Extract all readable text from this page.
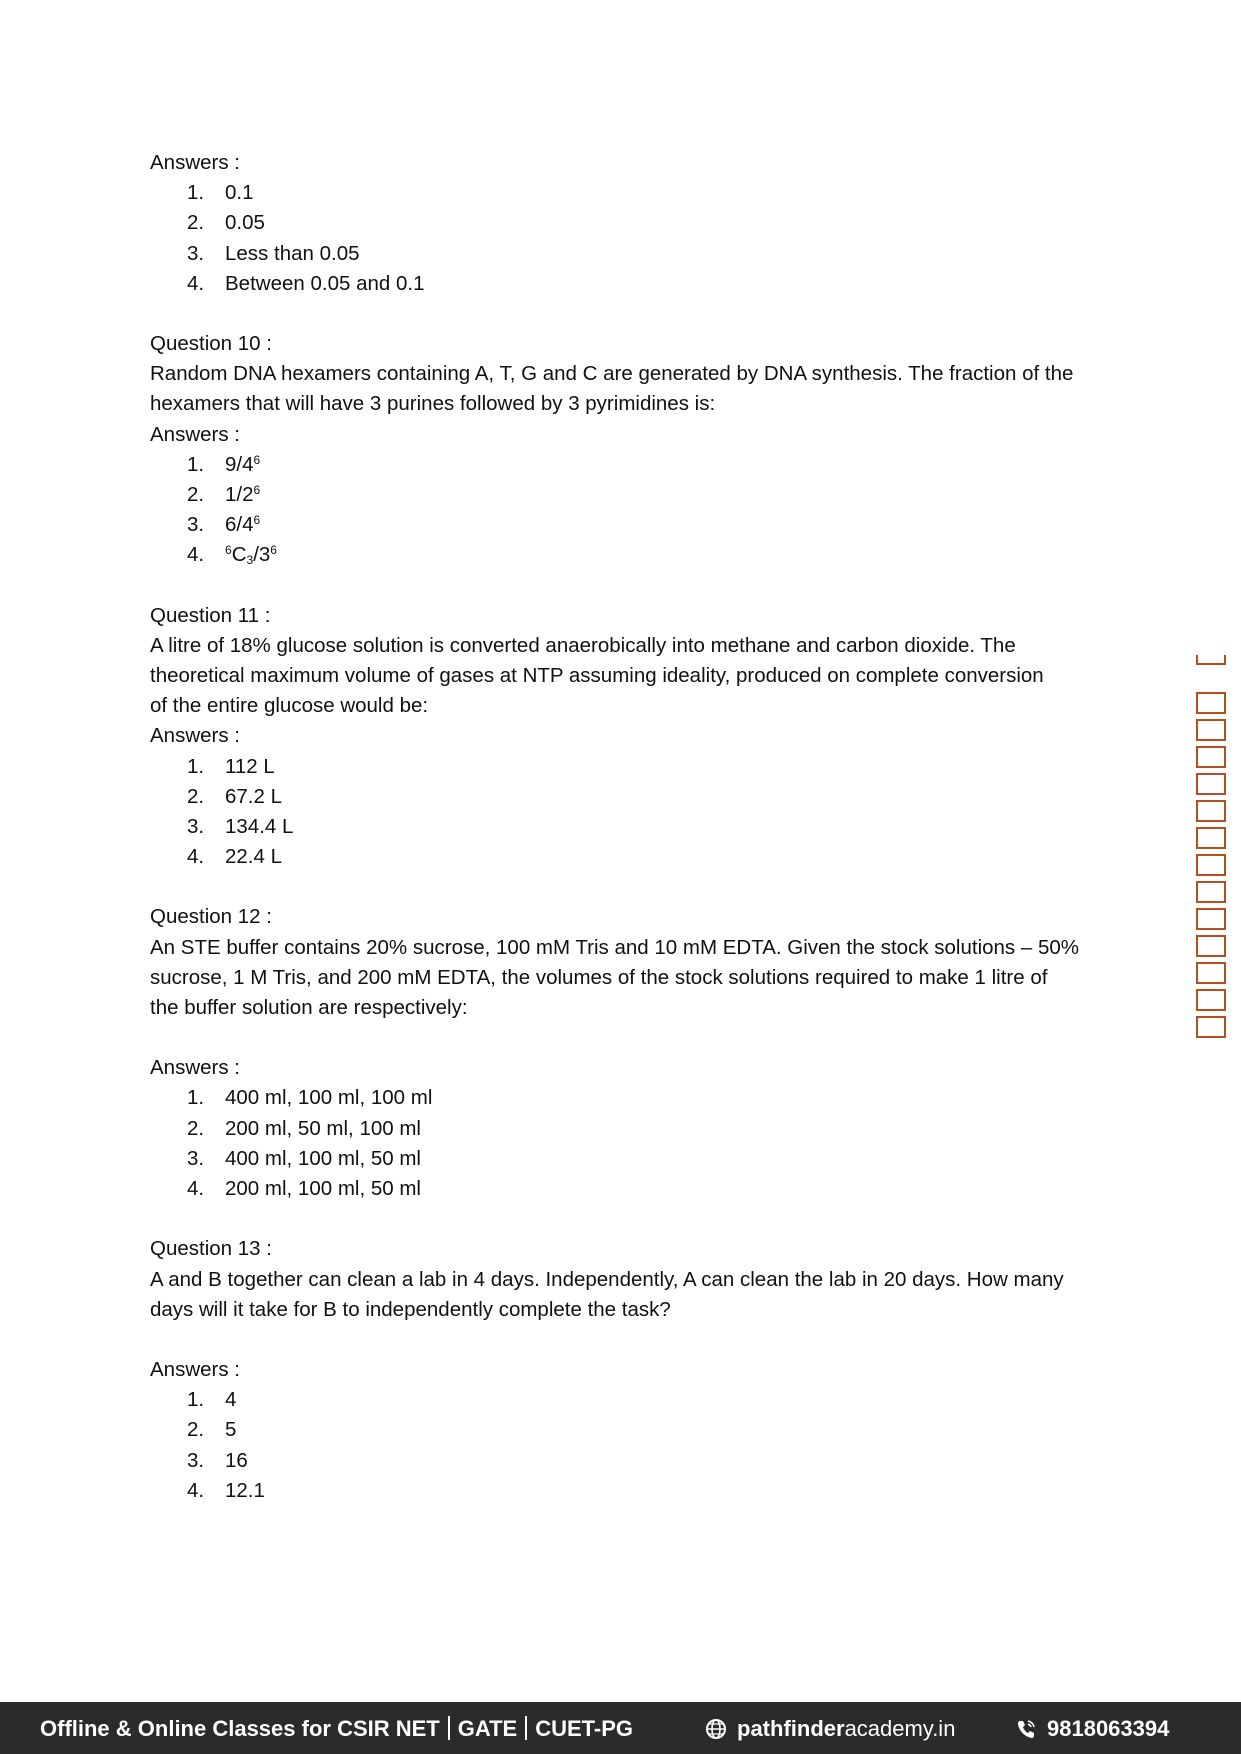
Answers :
1.	0.1
2.	0.05
3.	Less than 0.05
4.	Between 0.05 and 0.1
Question 10 :
Random DNA hexamers containing A, T, G and C are generated by DNA synthesis. The fraction of the
hexamers that will have 3 purines followed by 3 pyrimidines is:
Answers :
1.	$9/4^6$
2.	$1/2^6$
3.	$6/4^6$
4.	$^6C_3/3^6$
Question 11 :
A litre of 18% glucose solution is converted anaerobically into methane and carbon dioxide. The
theoretical maximum volume of gases at NTP assuming ideality, produced on complete conversion
of the entire glucose would be:
Answers :
1.	112 L
2.	67.2 L
3.	134.4 L
4.	22.4 L
Question 12 :
An STE buffer contains 20% sucrose, 100 mM Tris and 10 mM EDTA. Given the stock solutions – 50%
sucrose, 1 M Tris, and 200 mM EDTA, the volumes of the stock solutions required to make 1 litre of
the buffer solution are respectively:
Answers :
1.	400 ml, 100 ml, 100 ml
2.	200 ml, 50 ml, 100 ml
3.	400 ml, 100 ml, 50 ml
4.	200 ml, 100 ml, 50 ml
Question 13 :
A and B together can clean a lab in 4 days. Independently, A can clean the lab in 20 days. How many
days will it take for B to independently complete the task?
Answers :
1.	4
2.	5
3.	16
4.	12.1
Offline & Online Classes for CSIR NET GATE CUET-PG	pathfinderacademy.in	9818063394
